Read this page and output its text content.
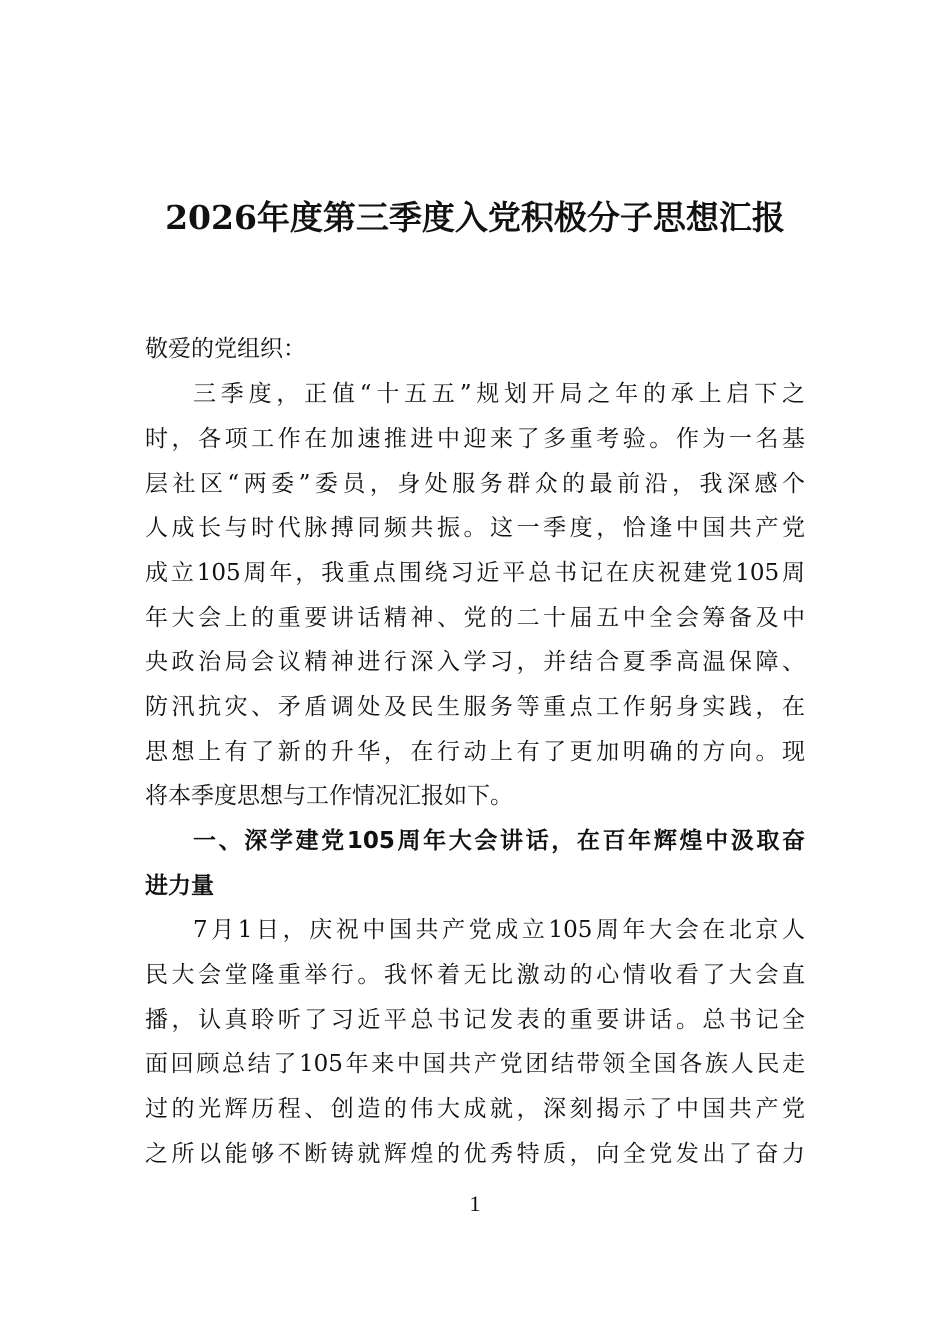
2026年度第三季度入党积极分子思想汇报
敬爱的党组织：
三季度，正值“十五五”规划开局之年的承上启下之
时，各项工作在加速推进中迎来了多重考验。作为一名基
层社区“两委”委员，身处服务群众的最前沿，我深感个
人成长与时代脉搏同频共振。这一季度，恰逢中国共产党
成立105周年，我重点围绕习近平总书记在庆祝建党105周
年大会上的重要讲话精神、党的二十届五中全会筹备及中
央政治局会议精神进行深入学习，并结合夏季高温保障、
防汛抗灾、矛盾调处及民生服务等重点工作躬身实践，在
思想上有了新的升华，在行动上有了更加明确的方向。现
将本季度思想与工作情况汇报如下。
一、深学建党105周年大会讲话，在百年辉煌中汲取奋
进力量
7月1日，庆祝中国共产党成立105周年大会在北京人
民大会堂隆重举行。我怀着无比激动的心情收看了大会直
播，认真聆听了习近平总书记发表的重要讲话。总书记全
面回顾总结了105年来中国共产党团结带领全国各族人民走
过的光辉历程、创造的伟大成就，深刻揭示了中国共产党
之所以能够不断铸就辉煌的优秀特质，向全党发出了奋力
1
